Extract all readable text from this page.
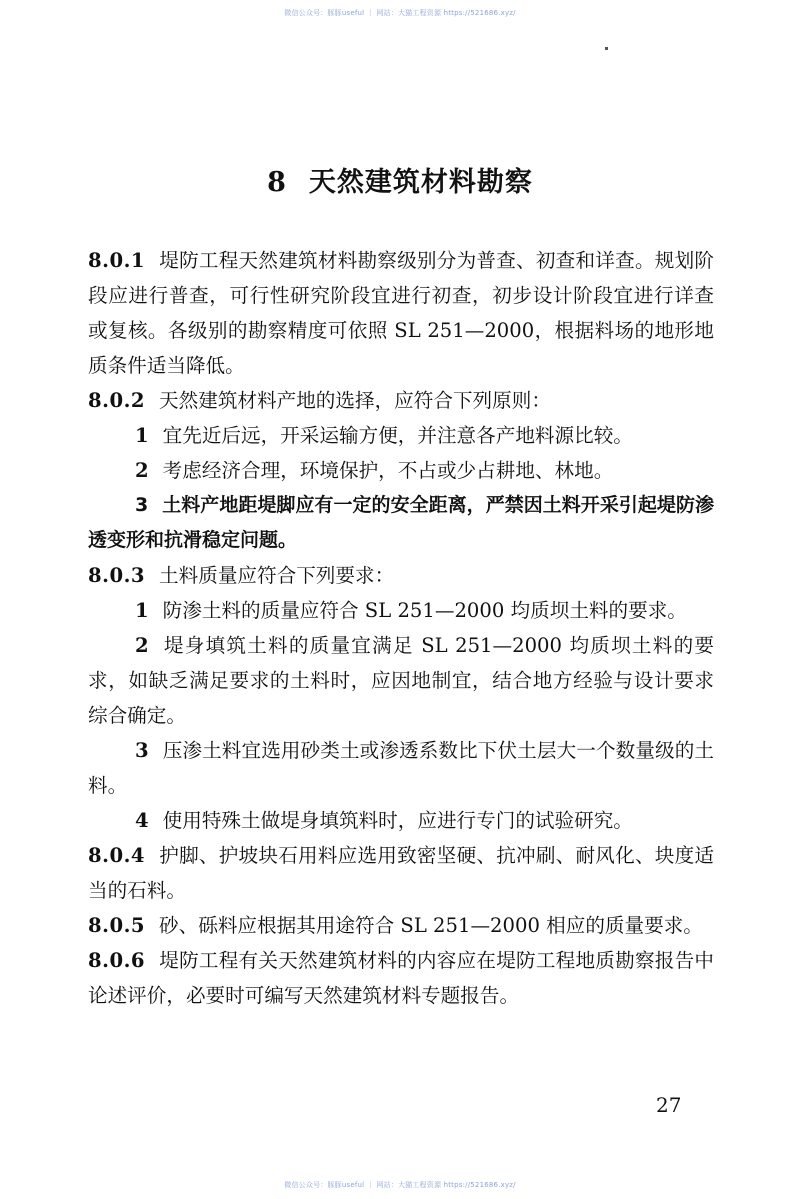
微信公众号：豚豚useful ｜ 网站：大猫工程资源 https://521686.xyz/
8 天然建筑材料勘察

8.0.1 堤防工程天然建筑材料勘察级别分为普查、初查和详查。规划阶段应进行普查，可行性研究阶段宜进行初查，初步设计阶段宜进行详查或复核。各级别的勘察精度可依照 SL 251—2000，根据料场的地形地质条件适当降低。

8.0.2 天然建筑材料产地的选择，应符合下列原则：

1 宜先近后远，开采运输方便，并注意各产地料源比较。

2 考虑经济合理，环境保护，不占或少占耕地、林地。

3 土料产地距堤脚应有一定的安全距离，严禁因土料开采引起堤防渗透变形和抗滑稳定问题。

8.0.3 土料质量应符合下列要求：

1 防渗土料的质量应符合 SL 251—2000 均质坝土料的要求。

2 堤身填筑土料的质量宜满足 SL 251—2000 均质坝土料的要求，如缺乏满足要求的土料时，应因地制宜，结合地方经验与设计要求综合确定。

3 压渗土料宜选用砂类土或渗透系数比下伏土层大一个数量级的土料。

4 使用特殊土做堤身填筑料时，应进行专门的试验研究。

8.0.4 护脚、护坡块石用料应选用致密坚硬、抗冲刷、耐风化、块度适当的石料。

8.0.5 砂、砾料应根据其用途符合 SL 251—2000 相应的质量要求。

8.0.6 堤防工程有关天然建筑材料的内容应在堤防工程地质勘察报告中论述评价，必要时可编写天然建筑材料专题报告。

27
微信公众号：豚豚useful ｜ 网站：大猫工程资源 https://521686.xyz/
